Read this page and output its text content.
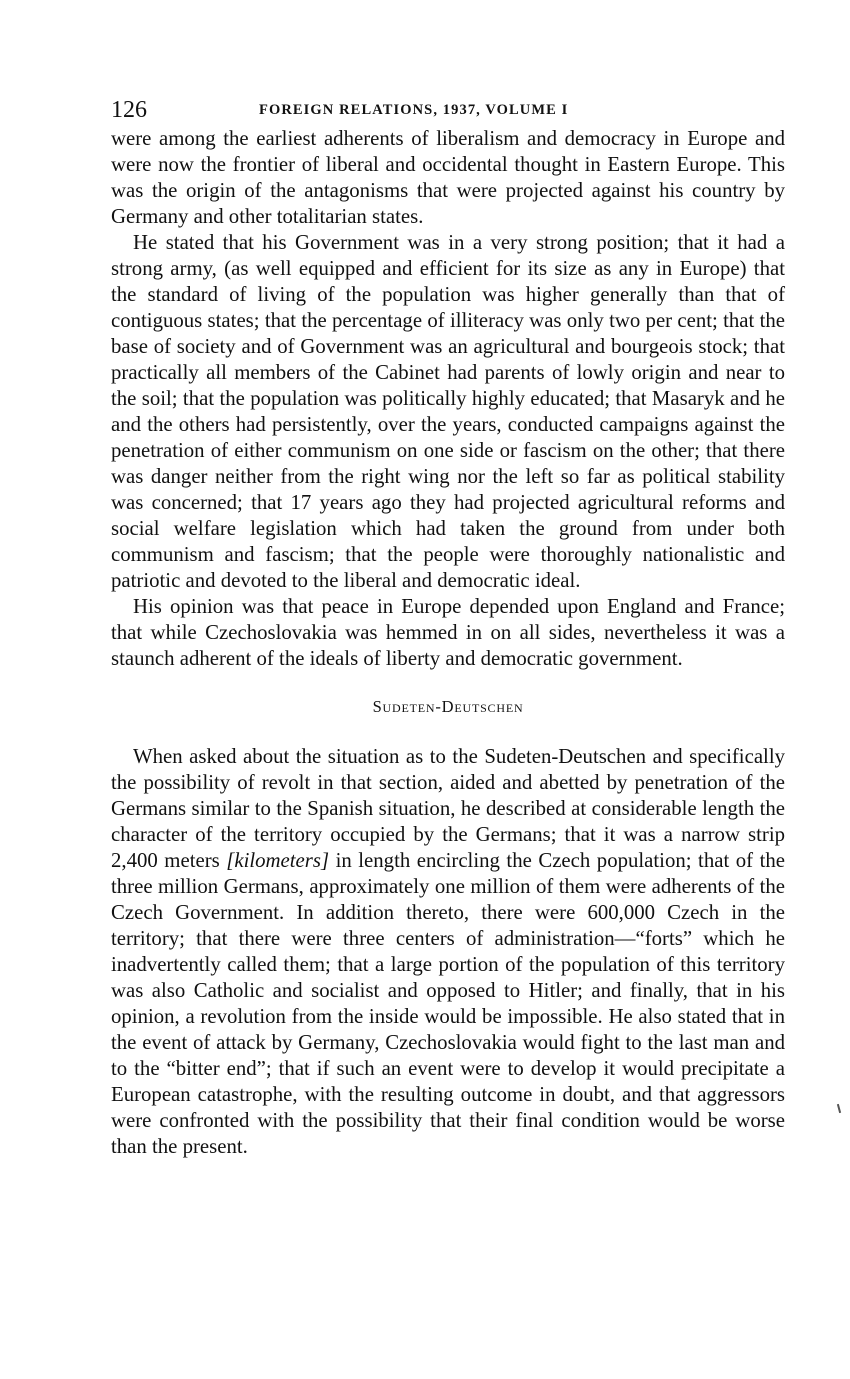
126	FOREIGN RELATIONS, 1937, VOLUME I

were among the earliest adherents of liberalism and democracy in Europe and were now the frontier of liberal and occidental thought in Eastern Europe. This was the origin of the antagonisms that were projected against his country by Germany and other totalitarian states.

He stated that his Government was in a very strong position; that it had a strong army, (as well equipped and efficient for its size as any in Europe) that the standard of living of the population was higher generally than that of contiguous states; that the percentage of illiteracy was only two per cent; that the base of society and of Government was an agricultural and bourgeois stock; that practically all members of the Cabinet had parents of lowly origin and near to the soil; that the population was politically highly educated; that Masaryk and he and the others had persistently, over the years, conducted campaigns against the penetration of either communism on one side or fascism on the other; that there was danger neither from the right wing nor the left so far as political stability was concerned; that 17 years ago they had projected agricultural reforms and social welfare legislation which had taken the ground from under both communism and fascism; that the people were thoroughly nationalistic and patriotic and devoted to the liberal and democratic ideal.

His opinion was that peace in Europe depended upon England and France; that while Czechoslovakia was hemmed in on all sides, nevertheless it was a staunch adherent of the ideals of liberty and democratic government.

Sudeten-Deutschen

When asked about the situation as to the Sudeten-Deutschen and specifically the possibility of revolt in that section, aided and abetted by penetration of the Germans similar to the Spanish situation, he described at considerable length the character of the territory occupied by the Germans; that it was a narrow strip 2,400 meters [kilometers] in length encircling the Czech population; that of the three million Germans, approximately one million of them were adherents of the Czech Government. In addition thereto, there were 600,000 Czech in the territory; that there were three centers of administration—“forts” which he inadvertently called them; that a large portion of the population of this territory was also Catholic and socialist and opposed to Hitler; and finally, that in his opinion, a revolution from the inside would be impossible. He also stated that in the event of attack by Germany, Czechoslovakia would fight to the last man and to the “bitter end”; that if such an event were to develop it would precipitate a European catastrophe, with the resulting outcome in doubt, and that aggressors were confronted with the possibility that their final condition would be worse than the present.
